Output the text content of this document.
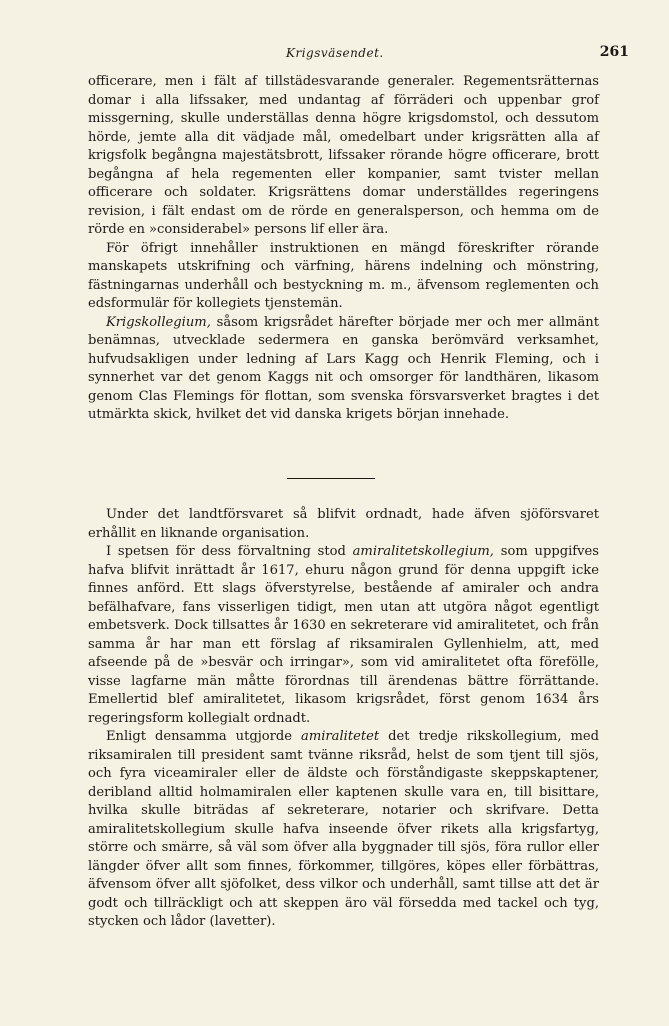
Krigsväsendet.	261

officerare, men i fält af tillstädesvarande generaler. Regementsrätternas domar i alla lifssaker, med undantag af förräderi och uppenbar grof missgerning, skulle underställas denna högre krigsdomstol, och dessutom hörde, jemte alla dit vädjade mål, omedelbart under krigsrätten alla af krigsfolk begångna majestätsbrott, lifssaker rörande högre officerare, brott begångna af hela regementen eller kompanier, samt tvister mellan officerare och soldater. Krigsrättens domar underställdes regeringens revision, i fält endast om de rörde en generalsperson, och hemma om de rörde en »considerabel» persons lif eller ära.

För öfrigt innehåller instruktionen en mängd föreskrifter rörande manskapets utskrifning och värfning, härens indelning och mönstring, fästningarnas underhåll och bestyckning m. m., äfvensom reglementen och edsformulär för kollegiets tjenstemän.

Krigskollegium, såsom krigsrådet härefter började mer och mer allmänt benämnas, utvecklade sedermera en ganska berömvärd verksamhet, hufvudsakligen under ledning af Lars Kagg och Henrik Fleming, och i synnerhet var det genom Kaggs nit och omsorger för landthären, likasom genom Clas Flemings för flottan, som svenska försvarsverket bragtes i det utmärkta skick, hvilket det vid danska krigets början innehade.

Under det landtförsvaret så blifvit ordnadt, hade äfven sjöförsvaret erhållit en liknande organisation.

I spetsen för dess förvaltning stod amiralitetskollegium, som uppgifves hafva blifvit inrättadt år 1617, ehuru någon grund för denna uppgift icke finnes anförd. Ett slags öfverstyrelse, bestående af amiraler och andra befälhafvare, fans visserligen tidigt, men utan att utgöra något egentligt embetsverk. Dock tillsattes år 1630 en sekreterare vid amiralitetet, och från samma år har man ett förslag af riksamiralen Gyllenhielm, att, med afseende på de »besvär och irringar», som vid amiralitetet ofta förefölle, visse lagfarne män måtte förordnas till ärendenas bättre förrättande. Emellertid blef amiralitetet, likasom krigsrådet, först genom 1634 års regeringsform kollegialt ordnadt.

Enligt densamma utgjorde amiralitetet det tredje rikskollegium, med riksamiralen till president samt tvänne riksråd, helst de som tjent till sjös, och fyra viceamiraler eller de äldste och förståndigaste skeppskaptener, deribland alltid holmamiralen eller kaptenen skulle vara en, till bisittare, hvilka skulle biträdas af sekreterare, notarier och skrifvare. Detta amiralitetskollegium skulle hafva inseende öfver rikets alla krigsfartyg, större och smärre, så väl som öfver alla byggnader till sjös, föra rullor eller längder öfver allt som finnes, förkommer, tillgöres, köpes eller förbättras, äfvensom öfver allt sjöfolket, dess vilkor och underhåll, samt tillse att det är godt och tillräckligt och att skeppen äro väl försedda med tackel och tyg, stycken och lådor (lavetter).
